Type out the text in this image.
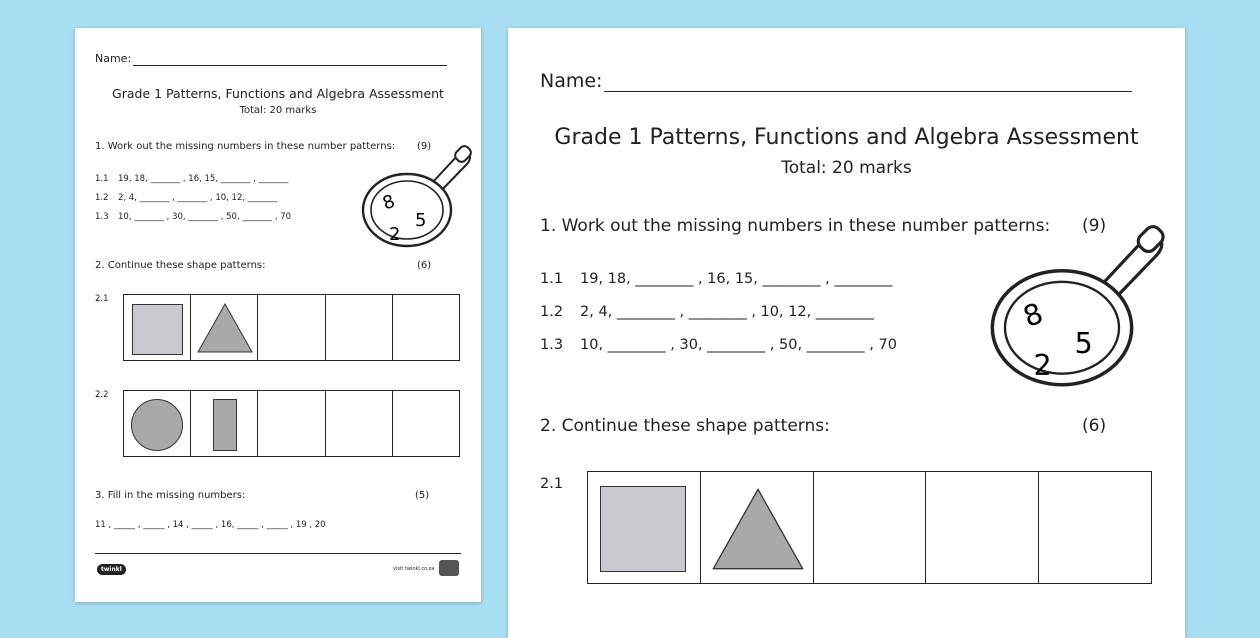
Name:
Grade 1 Patterns, Functions and Algebra Assessment
Total: 20 marks
1. Work out the missing numbers in these number patterns: (9)
1.1 19, 18, _______ , 16, 15, _______ , _______
1.2 2, 4, _______ , _______ , 10, 12, _______
1.3 10, _______ , 30, _______ , 50, _______ , 70
8
5
2
2. Continue these shape patterns:	(6)
2.1
2.2
3. Fill in the missing numbers:	(5)
11 , _____ , _____ , 14 , _____ , 16, _____ , _____ , 19 , 20
twinkl	visit twinkl.co.za
Name:
Grade 1 Patterns, Functions and Algebra Assessment
Total: 20 marks
1. Work out the missing numbers in these number patterns: (9)
1.1 19, 18, ________ , 16, 15, ________ , ________
1.2 2, 4, ________ , ________ , 10, 12, ________
1.3 10, ________ , 30, ________ , 50, ________ , 70
8
5
2
2. Continue these shape patterns:	(6)
2.1
